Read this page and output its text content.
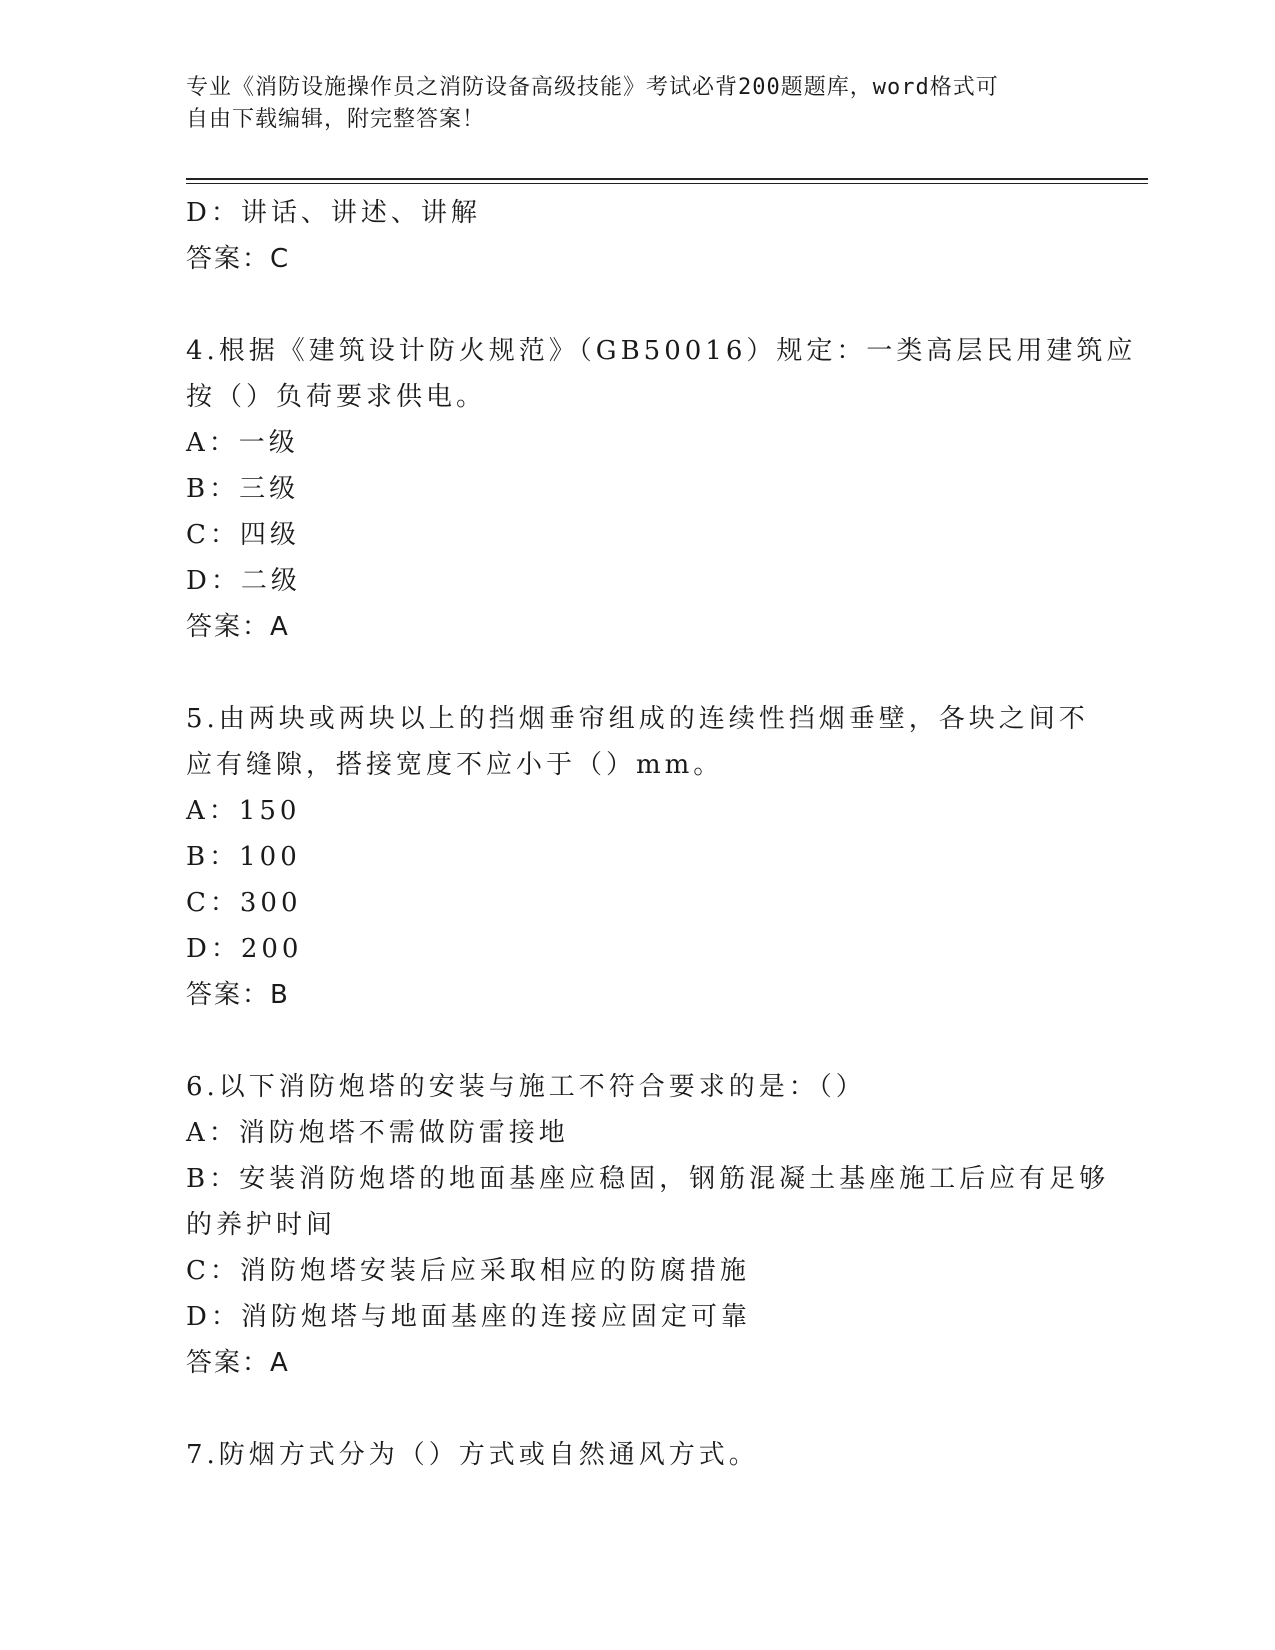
专业《消防设施操作员之消防设备高级技能》考试必背200题题库，word格式可
自由下载编辑，附完整答案！
D：讲话、讲述、讲解
答案：C
4.根据《建筑设计防火规范》（GB50016）规定：一类高层民用建筑应
按（）负荷要求供电。
A：一级
B：三级
C：四级
D：二级
答案：A
5.由两块或两块以上的挡烟垂帘组成的连续性挡烟垂壁，各块之间不
应有缝隙，搭接宽度不应小于（）mm。
A：150
B：100
C：300
D：200
答案：B
6.以下消防炮塔的安装与施工不符合要求的是：（）
A：消防炮塔不需做防雷接地
B：安装消防炮塔的地面基座应稳固，钢筋混凝土基座施工后应有足够
的养护时间
C：消防炮塔安装后应采取相应的防腐措施
D：消防炮塔与地面基座的连接应固定可靠
答案：A
7.防烟方式分为（）方式或自然通风方式。
